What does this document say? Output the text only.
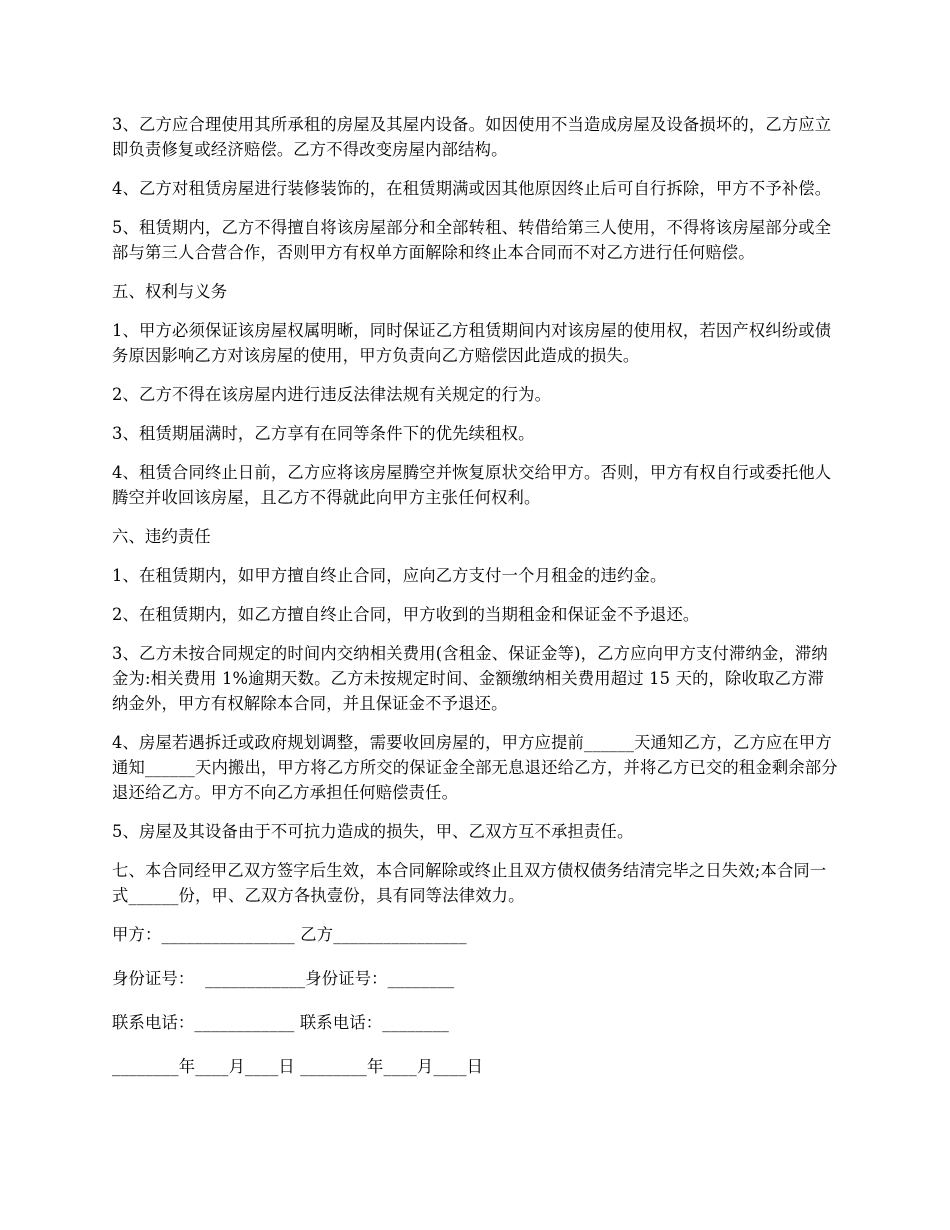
3、乙方应合理使用其所承租的房屋及其屋内设备。如因使用不当造成房屋及设备损坏的，乙方应立即负责修复或经济赔偿。乙方不得改变房屋内部结构。

4、乙方对租赁房屋进行装修装饰的，在租赁期满或因其他原因终止后可自行拆除，甲方不予补偿。

5、租赁期内，乙方不得擅自将该房屋部分和全部转租、转借给第三人使用，不得将该房屋部分或全部与第三人合营合作，否则甲方有权单方面解除和终止本合同而不对乙方进行任何赔偿。

五、权利与义务

1、甲方必须保证该房屋权属明晰，同时保证乙方租赁期间内对该房屋的使用权，若因产权纠纷或债务原因影响乙方对该房屋的使用，甲方负责向乙方赔偿因此造成的损失。

2、乙方不得在该房屋内进行违反法律法规有关规定的行为。

3、租赁期届满时，乙方享有在同等条件下的优先续租权。

4、租赁合同终止日前，乙方应将该房屋腾空并恢复原状交给甲方。否则，甲方有权自行或委托他人腾空并收回该房屋，且乙方不得就此向甲方主张任何权利。

六、违约责任

1、在租赁期内，如甲方擅自终止合同，应向乙方支付一个月租金的违约金。

2、在租赁期内，如乙方擅自终止合同，甲方收到的当期租金和保证金不予退还。

3、乙方未按合同规定的时间内交纳相关费用(含租金、保证金等)，乙方应向甲方支付滞纳金，滞纳金为:相关费用 1%逾期天数。乙方未按规定时间、金额缴纳相关费用超过 15 天的，除收取乙方滞纳金外，甲方有权解除本合同，并且保证金不予退还。

4、房屋若遇拆迁或政府规划调整，需要收回房屋的，甲方应提前______天通知乙方，乙方应在甲方通知______天内搬出，甲方将乙方所交的保证金全部无息退还给乙方，并将乙方已交的租金剩余部分退还给乙方。甲方不向乙方承担任何赔偿责任。

5、房屋及其设备由于不可抗力造成的损失，甲、乙双方互不承担责任。

七、本合同经甲乙双方签字后生效，本合同解除或终止且双方债权债务结清完毕之日失效;本合同一式______份，甲、乙双方各执壹份，具有同等法律效力。

甲方：________________ 乙方________________

身份证号：  ____________身份证号：________

联系电话：____________ 联系电话：________

________年____月____日 ________年____月____日
